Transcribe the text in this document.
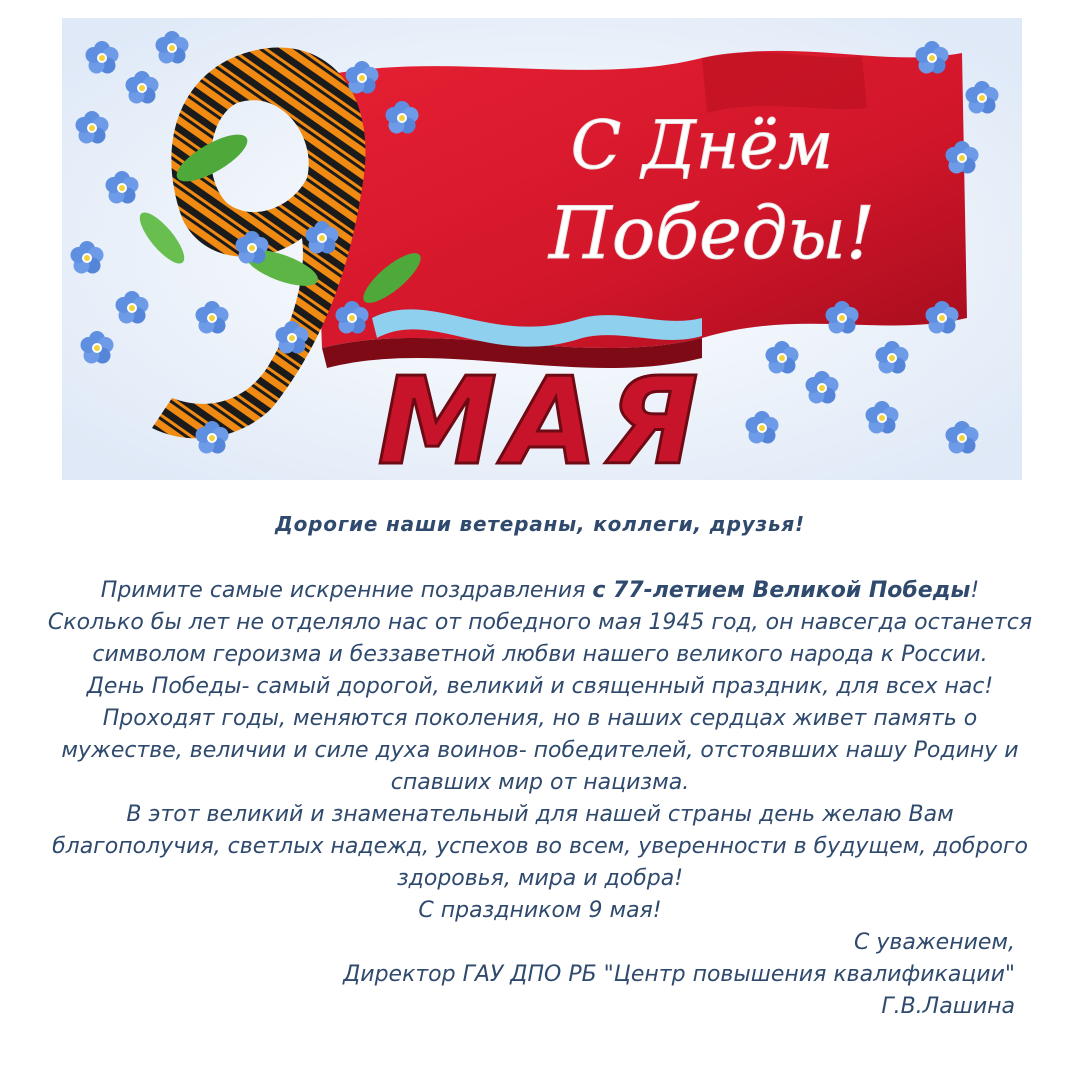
С Днём
Победы!
МАЯ
Дорогие наши ветераны, коллеги, друзья!

Примите самые искренние поздравления с 77-летием Великой Победы!

Сколько бы лет не отделяло нас от победного мая 1945 год, он навсегда останется символом героизма и беззаветной любви нашего великого народа к России.

День Победы- самый дорогой, великий и священный праздник, для всех нас!

Проходят годы, меняются поколения, но в наших сердцах живет память о мужестве, величии и силе духа воинов- победителей, отстоявших нашу Родину и спавших мир от нацизма.

В этот великий и знаменательный для нашей страны день желаю Вам благополучия, светлых надежд, успехов во всем, уверенности в будущем, доброго здоровья, мира и добра!

С праздником 9 мая!

С уважением,

Директор ГАУ ДПО РБ "Центр повышения квалификации"

Г.В.Лашина
